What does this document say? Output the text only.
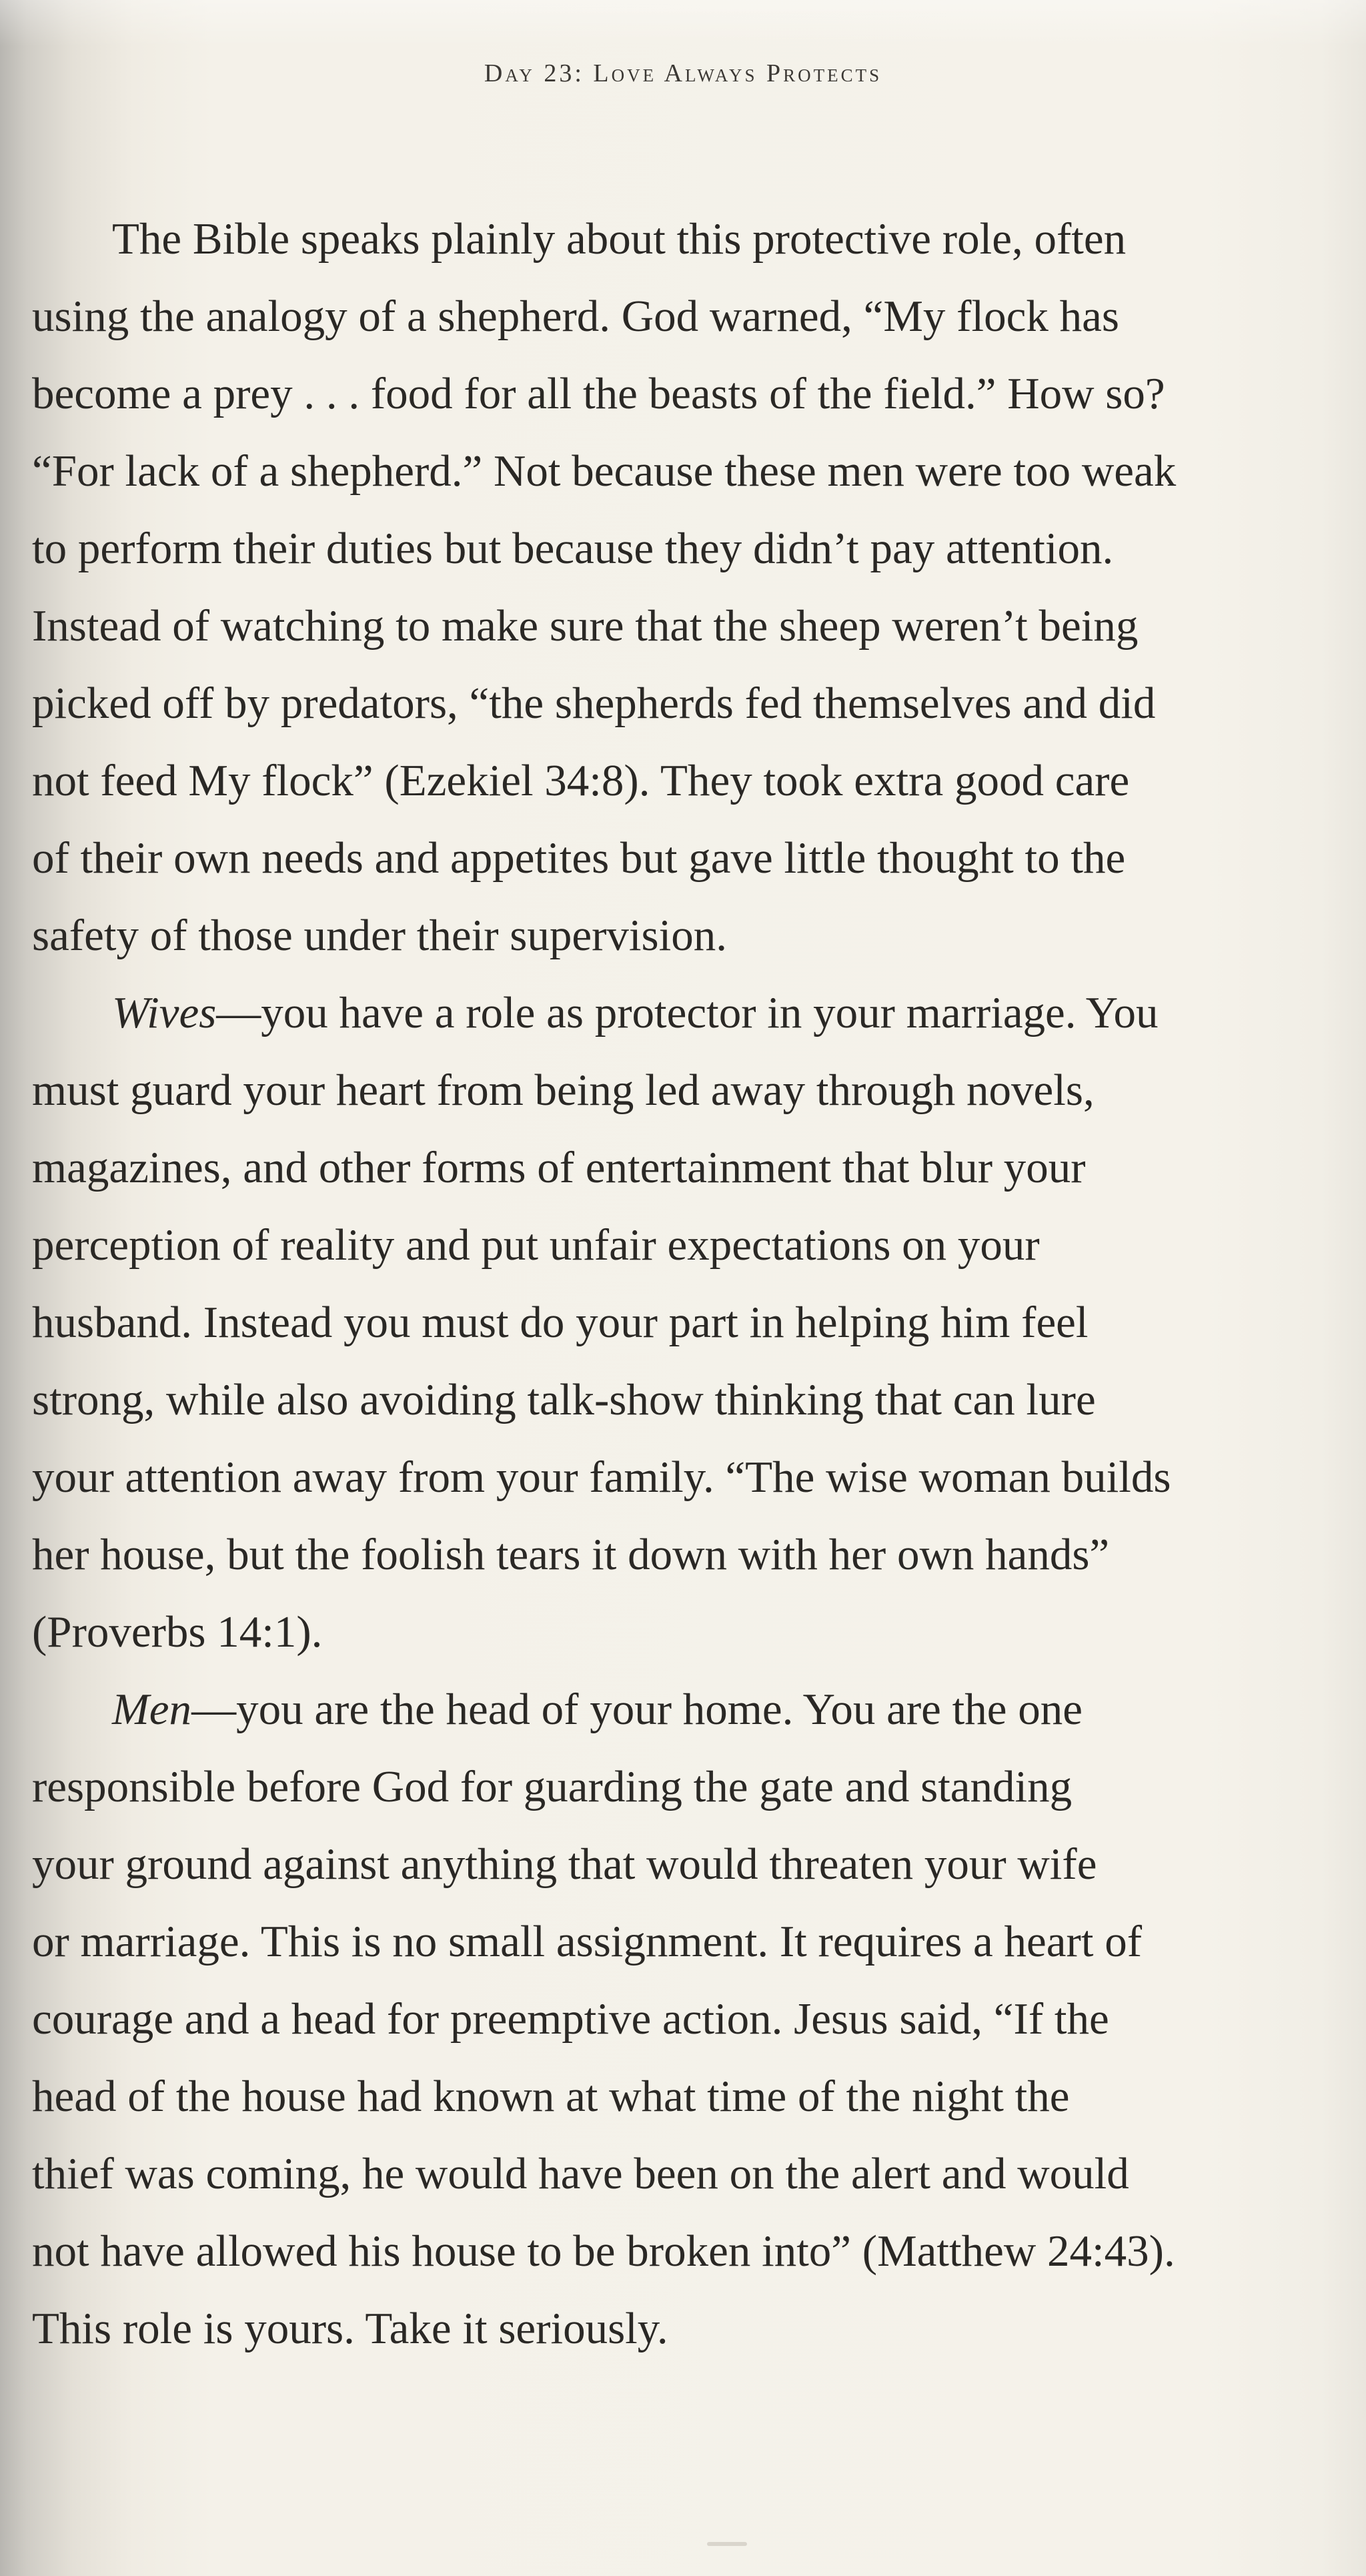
Day 23: Love Always Protects
The Bible speaks plainly about this protective role, often
using the analogy of a shepherd. God warned, “My flock has
become a prey . . . food for all the beasts of the field.” How so?
“For lack of a shepherd.” Not because these men were too weak
to perform their duties but because they didn’t pay attention.
Instead of watching to make sure that the sheep weren’t being
picked off by predators, “the shepherds fed themselves and did
not feed My flock” (Ezekiel 34:8). They took extra good care
of their own needs and appetites but gave little thought to the
safety of those under their supervision.
Wives—you have a role as protector in your marriage. You
must guard your heart from being led away through novels,
magazines, and other forms of entertainment that blur your
perception of reality and put unfair expectations on your
husband. Instead you must do your part in helping him feel
strong, while also avoiding talk-show thinking that can lure
your attention away from your family. “The wise woman builds
her house, but the foolish tears it down with her own hands”
(Proverbs 14:1).
Men—you are the head of your home. You are the one
responsible before God for guarding the gate and standing
your ground against anything that would threaten your wife
or marriage. This is no small assignment. It requires a heart of
courage and a head for preemptive action. Jesus said, “If the
head of the house had known at what time of the night the
thief was coming, he would have been on the alert and would
not have allowed his house to be broken into” (Matthew 24:43).
This role is yours. Take it seriously.
